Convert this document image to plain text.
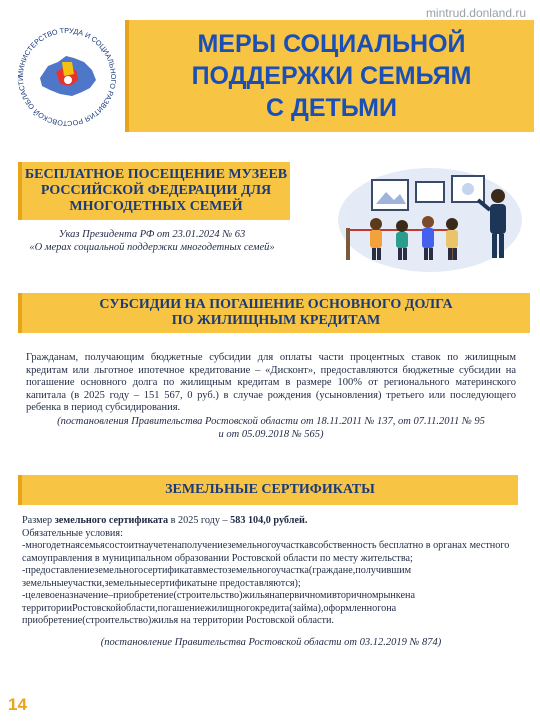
mintrud.donland.ru
МИНИСТЕРСТВО ТРУДА И СОЦИАЛЬНОГО РАЗВИТИЯ РОСТОВСКОЙ ОБЛАСТИ
МЕРЫ СОЦИАЛЬНОЙ
ПОДДЕРЖКИ СЕМЬЯМ
С ДЕТЬМИ
БЕСПЛАТНОЕ ПОСЕЩЕНИЕ МУЗЕЕВ
РОССИЙСКОЙ ФЕДЕРАЦИИ ДЛЯ
МНОГОДЕТНЫХ СЕМЕЙ
Указ Президента РФ от 23.01.2024 № 63
«О мерах социальной поддержки многодетных семей»
СУБСИДИИ НА ПОГАШЕНИЕ ОСНОВНОГО ДОЛГА
ПО ЖИЛИЩНЫМ КРЕДИТАМ
Гражданам, получающим бюджетные субсидии для оплаты части процентных ставок по жилищным кредитам или льготное ипотечное кредитование – «Дисконт», предоставляются бюджетные субсидии на погашение основного долга по жилищным кредитам в размере 100% от регионального материнского капитала (в 2025 году – 151 567, 0 руб.) в случае рождения (усыновления) третьего или последующего ребенка в период субсидирования.
(постановления Правительства Ростовской области от 18.11.2011 № 137, от 07.11.2011 № 95
и от 05.09.2018 № 565)
ЗЕМЕЛЬНЫЕ СЕРТИФИКАТЫ
Размер земельного сертификата в 2025 году – 583 104,0 рублей.
Обязательные условия:
-многодетнаясемьясостоитнаучетенаполучениеземельногоучасткавсобственность бесплатно в органах местного самоуправления в муниципальном образовании Ростовской области по месту жительства;
-предоставлениеземельногосертификатавместоземельногоучастка(граждане,получившим земельныеучастки,земельныесертификатыне предоставляются);
-целевоеназначение–приобретение(строительство)жильянапервичномивторичномрынкена территорииРостовскойобласти,погашениежилищногокредита(займа),оформленногона приобретение(строительство)жилья на территории Ростовской области.
(постановление Правительства Ростовской области от 03.12.2019 № 874)
14
